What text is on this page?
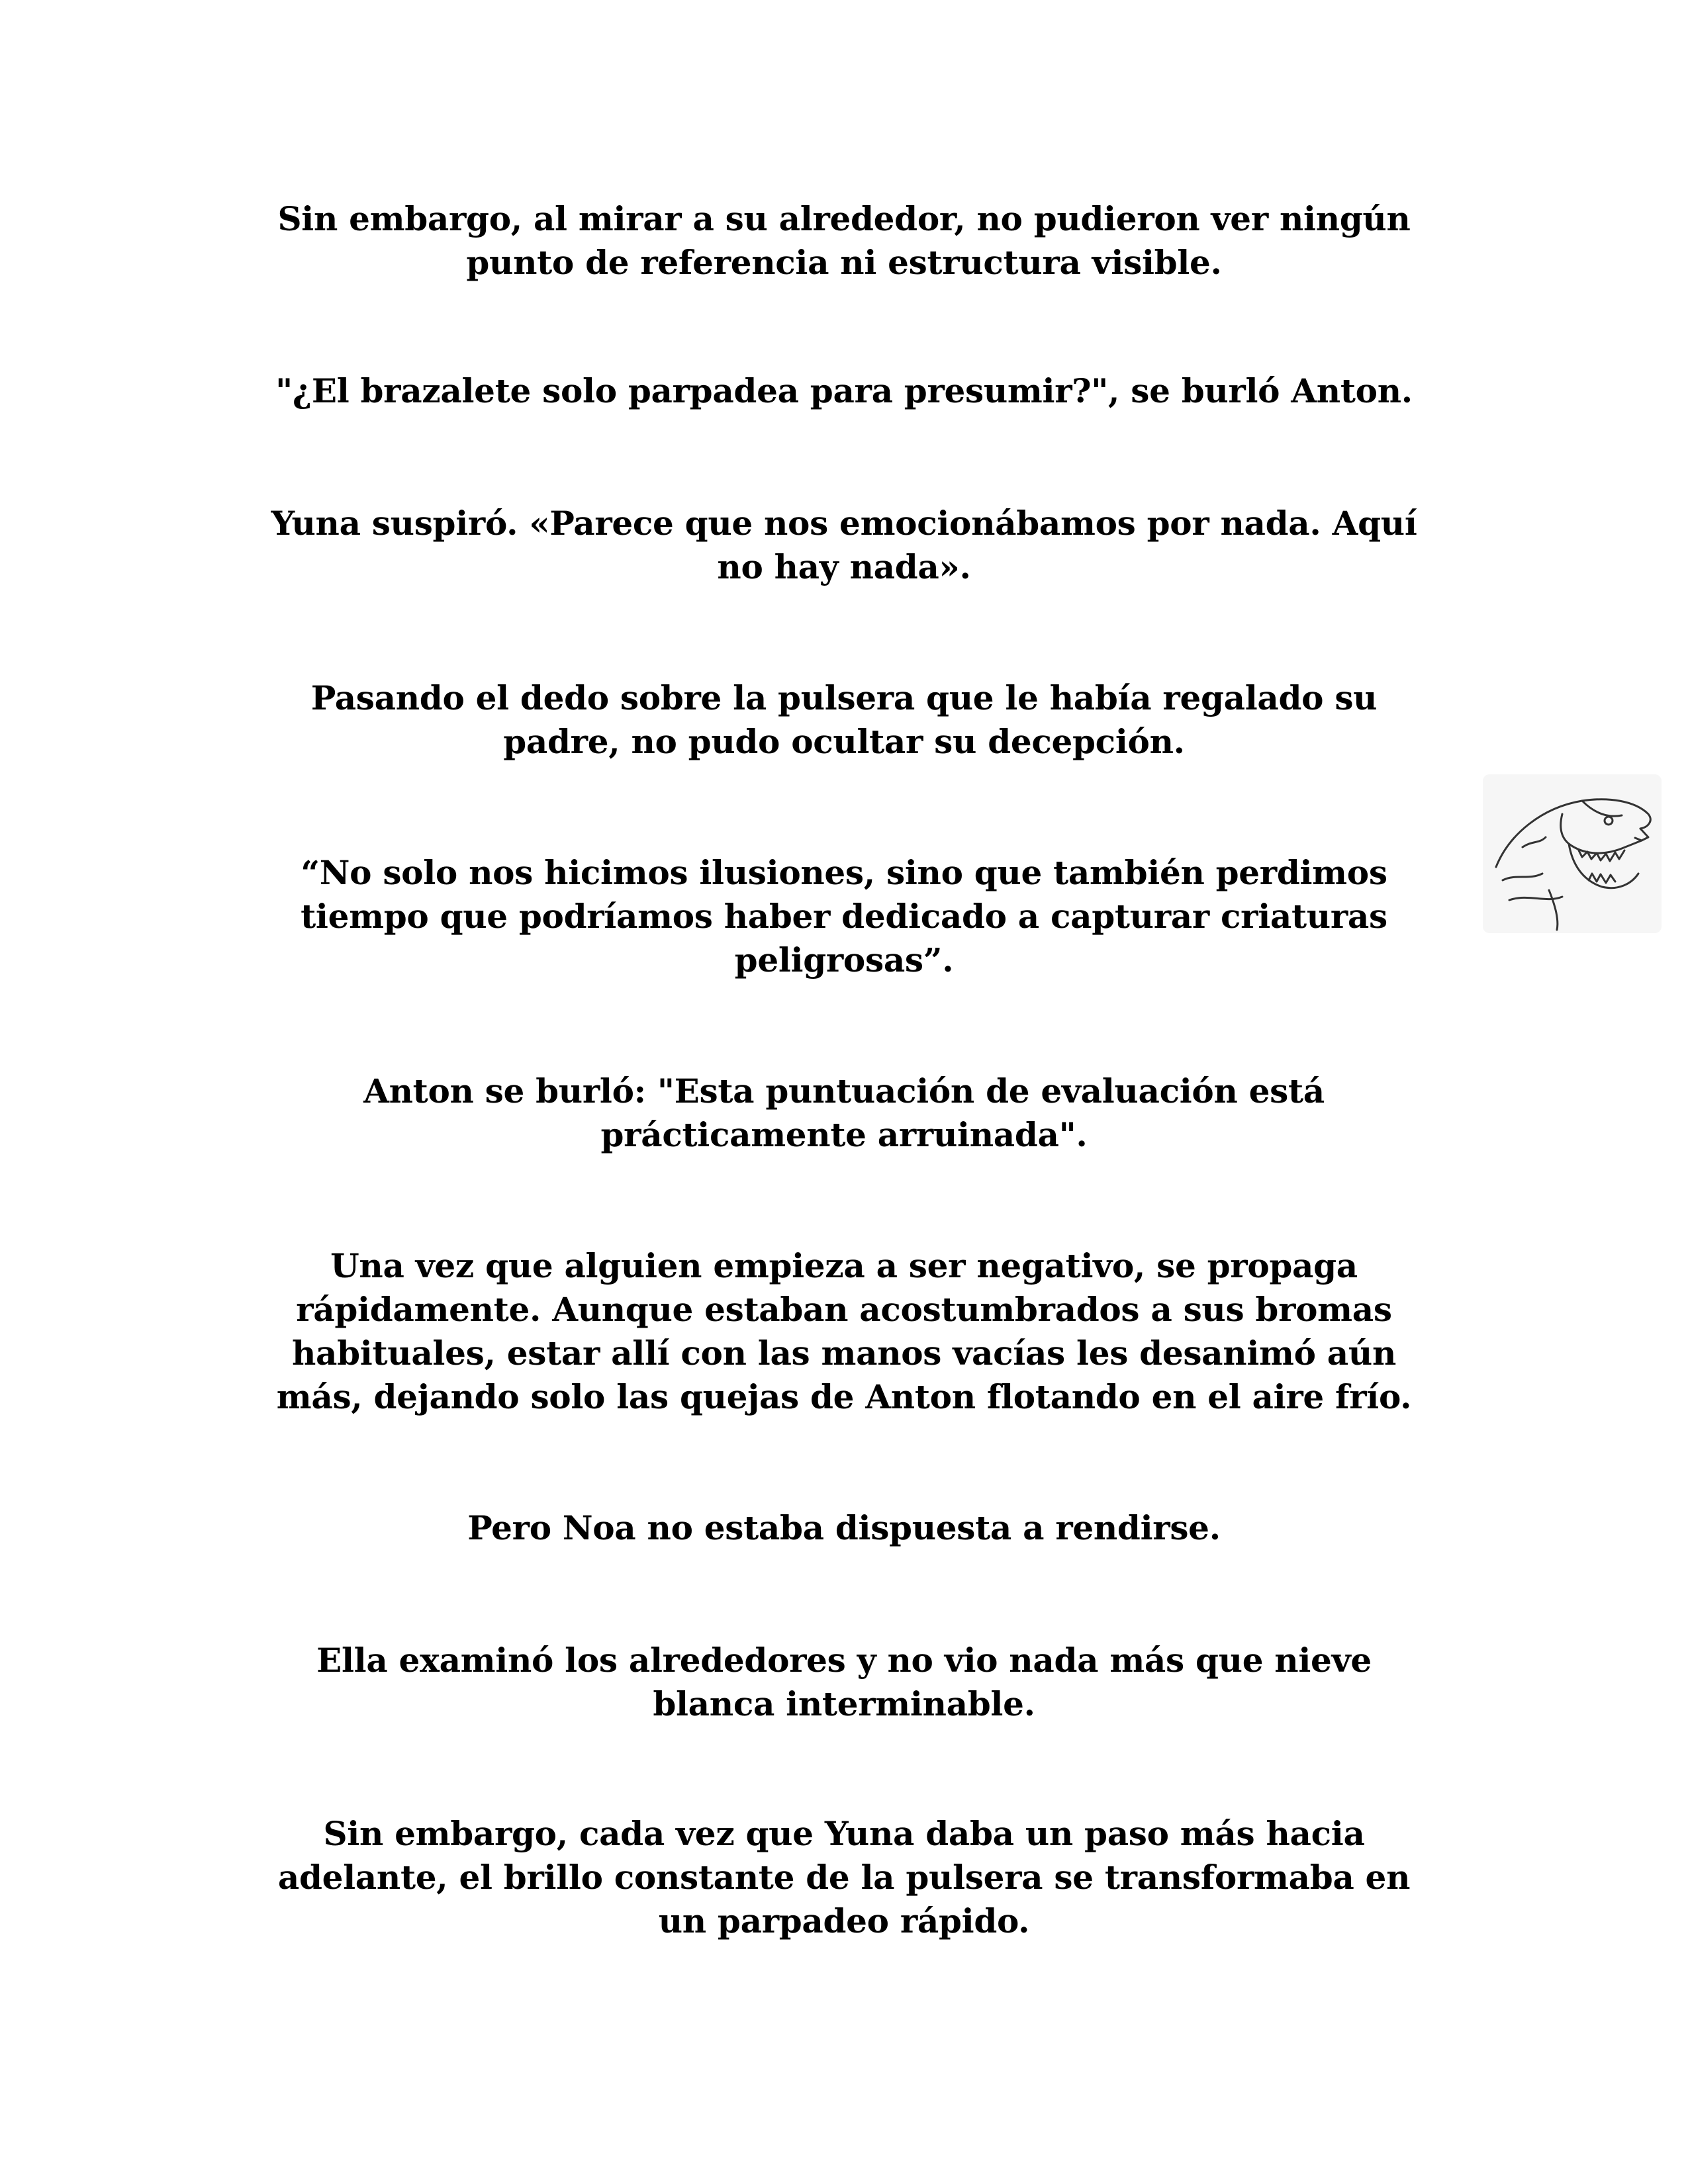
Sin embargo, al mirar a su alrededor, no pudieron ver ningún
punto de referencia ni estructura visible.

"¿El brazalete solo parpadea para presumir?", se burló Anton.

Yuna suspiró. «Parece que nos emocionábamos por nada. Aquí
no hay nada».

Pasando el dedo sobre la pulsera que le había regalado su
padre, no pudo ocultar su decepción.

“No solo nos hicimos ilusiones, sino que también perdimos
tiempo que podríamos haber dedicado a capturar criaturas
peligrosas”.

Anton se burló: "Esta puntuación de evaluación está
prácticamente arruinada".

Una vez que alguien empieza a ser negativo, se propaga
rápidamente. Aunque estaban acostumbrados a sus bromas
habituales, estar allí con las manos vacías les desanimó aún
más, dejando solo las quejas de Anton flotando en el aire frío.

Pero Noa no estaba dispuesta a rendirse.

Ella examinó los alrededores y no vio nada más que nieve
blanca interminable.

Sin embargo, cada vez que Yuna daba un paso más hacia
adelante, el brillo constante de la pulsera se transformaba en
un parpadeo rápido.
